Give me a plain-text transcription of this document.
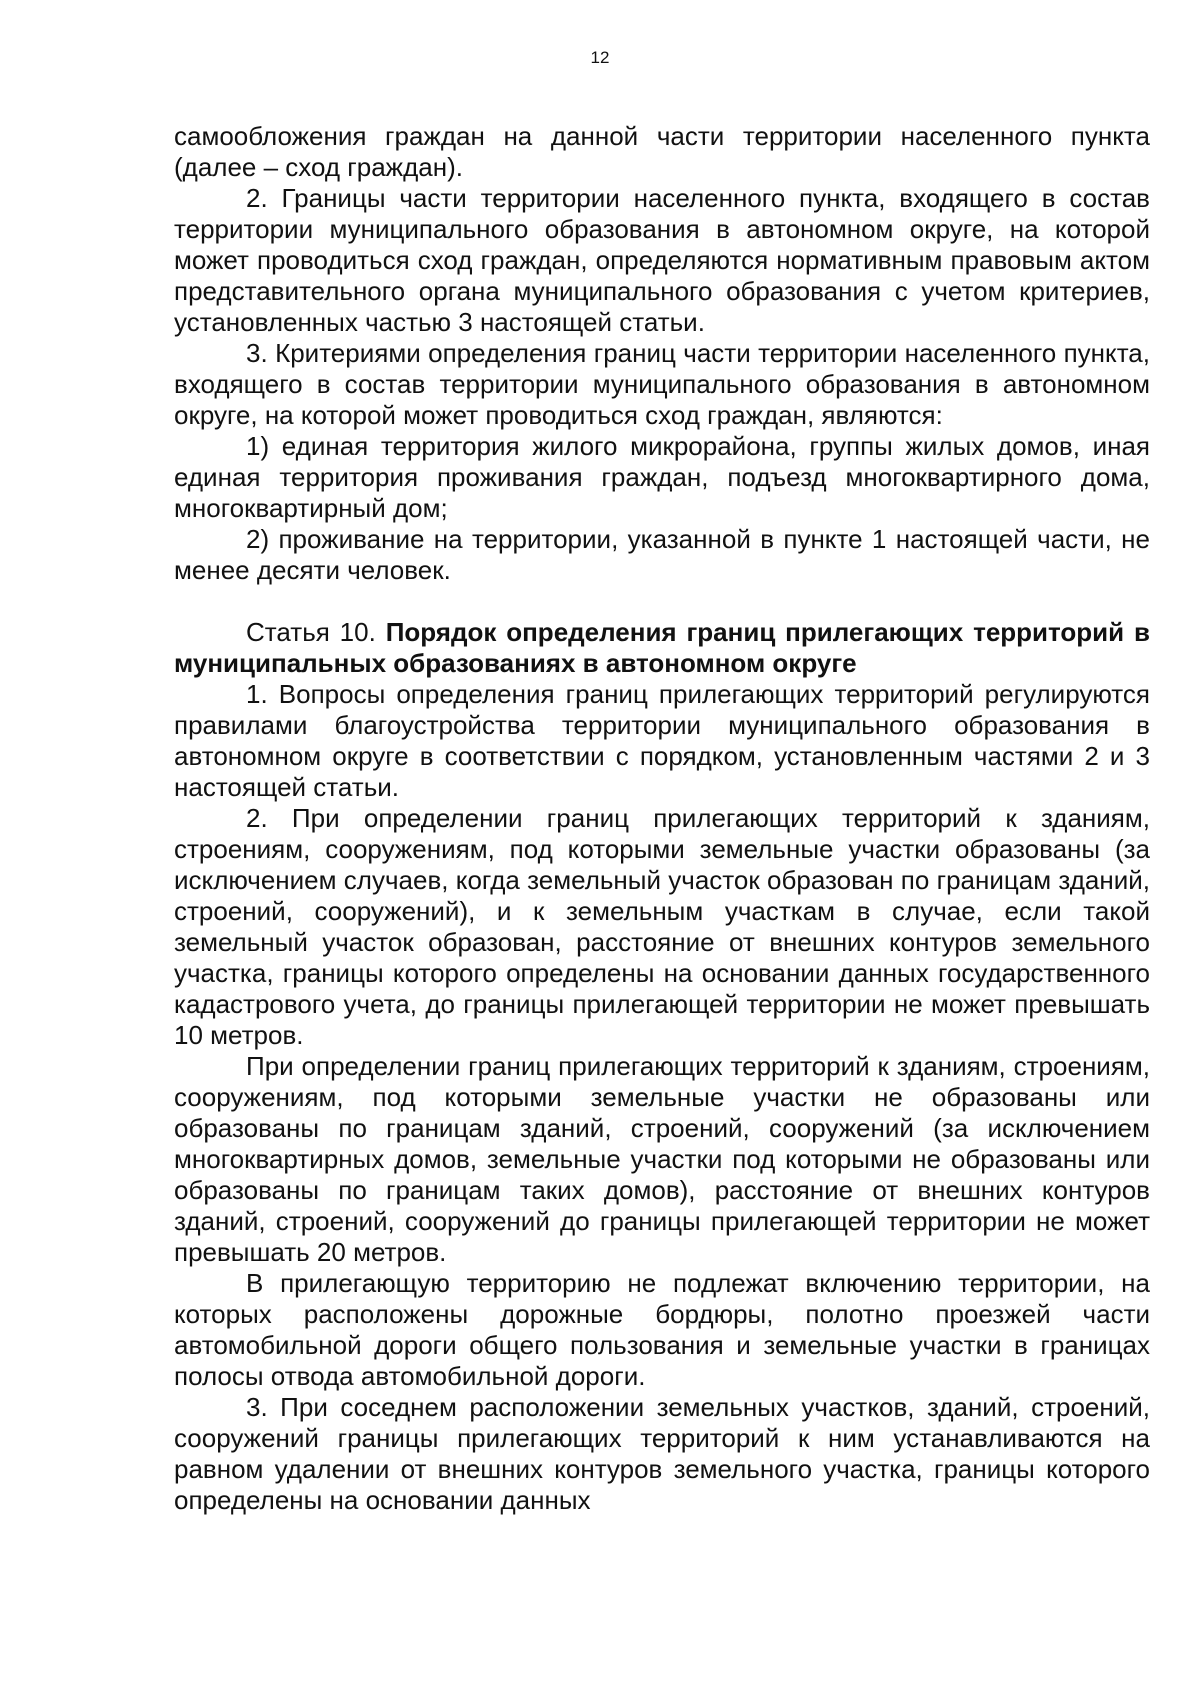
12

самообложения граждан на данной части территории населенного пункта (далее – сход граждан).

2. Границы части территории населенного пункта, входящего в состав территории муниципального образования в автономном округе, на которой может проводиться сход граждан, определяются нормативным правовым актом представительного органа муниципального образования с учетом критериев, установленных частью 3 настоящей статьи.

3. Критериями определения границ части территории населенного пункта, входящего в состав территории муниципального образования в автономном округе, на которой может проводиться сход граждан, являются:

1) единая территория жилого микрорайона, группы жилых домов, иная единая территория проживания граждан, подъезд многоквартирного дома, многоквартирный дом;

2) проживание на территории, указанной в пункте 1 настоящей части, не менее десяти человек.

Статья 10. Порядок определения границ прилегающих территорий в муниципальных образованиях в автономном округе

1. Вопросы определения границ прилегающих территорий регулируются правилами благоустройства территории муниципального образования в автономном округе в соответствии с порядком, установленным частями 2 и 3 настоящей статьи.

2. При определении границ прилегающих территорий к зданиям, строениям, сооружениям, под которыми земельные участки образованы (за исключением случаев, когда земельный участок образован по границам зданий, строений, сооружений), и к земельным участкам в случае, если такой земельный участок образован, расстояние от внешних контуров земельного участка, границы которого определены на основании данных государственного кадастрового учета, до границы прилегающей территории не может превышать 10 метров.

При определении границ прилегающих территорий к зданиям, строениям, сооружениям, под которыми земельные участки не образованы или образованы по границам зданий, строений, сооружений (за исключением многоквартирных домов, земельные участки под которыми не образованы или образованы по границам таких домов), расстояние от внешних контуров зданий, строений, сооружений до границы прилегающей территории не может превышать 20 метров.

В прилегающую территорию не подлежат включению территории, на которых расположены дорожные бордюры, полотно проезжей части автомобильной дороги общего пользования и земельные участки в границах полосы отвода автомобильной дороги.

3. При соседнем расположении земельных участков, зданий, строений, сооружений границы прилегающих территорий к ним устанавливаются на равном удалении от внешних контуров земельного участка, границы которого определены на основании данных
